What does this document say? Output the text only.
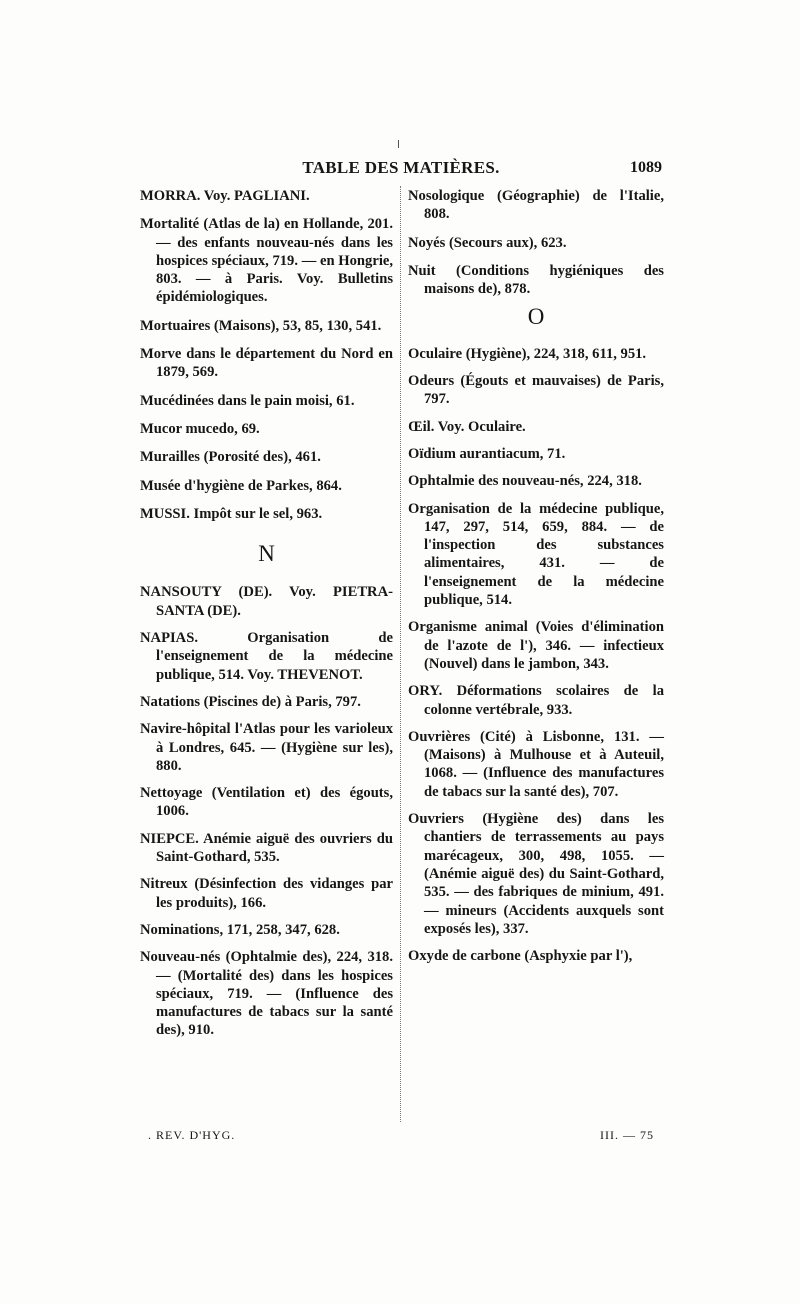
TABLE DES MATIÈRES.	1089

MORRA. Voy. PAGLIANI.

Mortalité (Atlas de la) en Hollande, 201. — des enfants nouveau-nés dans les hospices spéciaux, 719. — en Hongrie, 803. — à Paris. Voy. Bulletins épidémiologiques.

Mortuaires (Maisons), 53, 85, 130, 541.

Morve dans le département du Nord en 1879, 569.

Mucédinées dans le pain moisi, 61.

Mucor mucedo, 69.

Murailles (Porosité des), 461.

Musée d'hygiène de Parkes, 864.

MUSSI. Impôt sur le sel, 963.

N

NANSOUTY (DE). Voy. PIETRA-SANTA (DE).

NAPIAS. Organisation de l'enseignement de la médecine publique, 514. Voy. THEVENOT.

Natations (Piscines de) à Paris, 797.

Navire-hôpital l'Atlas pour les varioleux à Londres, 645. — (Hygiène sur les), 880.

Nettoyage (Ventilation et) des égouts, 1006.

NIEPCE. Anémie aiguë des ouvriers du Saint-Gothard, 535.

Nitreux (Désinfection des vidanges par les produits), 166.

Nominations, 171, 258, 347, 628.

Nouveau-nés (Ophtalmie des), 224, 318. — (Mortalité des) dans les hospices spéciaux, 719. — (Influence des manufactures de tabacs sur la santé des), 910.

Nosologique (Géographie) de l'Italie, 808.

Noyés (Secours aux), 623.

Nuit (Conditions hygiéniques des maisons de), 878.

O

Oculaire (Hygiène), 224, 318, 611, 951.

Odeurs (Égouts et mauvaises) de Paris, 797.

Œil. Voy. Oculaire.

Oïdium aurantiacum, 71.

Ophtalmie des nouveau-nés, 224, 318.

Organisation de la médecine publique, 147, 297, 514, 659, 884. — de l'inspection des substances alimentaires, 431. — de l'enseignement de la médecine publique, 514.

Organisme animal (Voies d'élimination de l'azote de l'), 346. — infectieux (Nouvel) dans le jambon, 343.

ORY. Déformations scolaires de la colonne vertébrale, 933.

Ouvrières (Cité) à Lisbonne, 131. — (Maisons) à Mulhouse et à Auteuil, 1068. — (Influence des manufactures de tabacs sur la santé des), 707.

Ouvriers (Hygiène des) dans les chantiers de terrassements au pays marécageux, 300, 498, 1055. — (Anémie aiguë des) du Saint-Gothard, 535. — des fabriques de minium, 491. — mineurs (Accidents auxquels sont exposés les), 337.

Oxyde de carbone (Asphyxie par l'),

. REV. D'HYG.	III. — 75
